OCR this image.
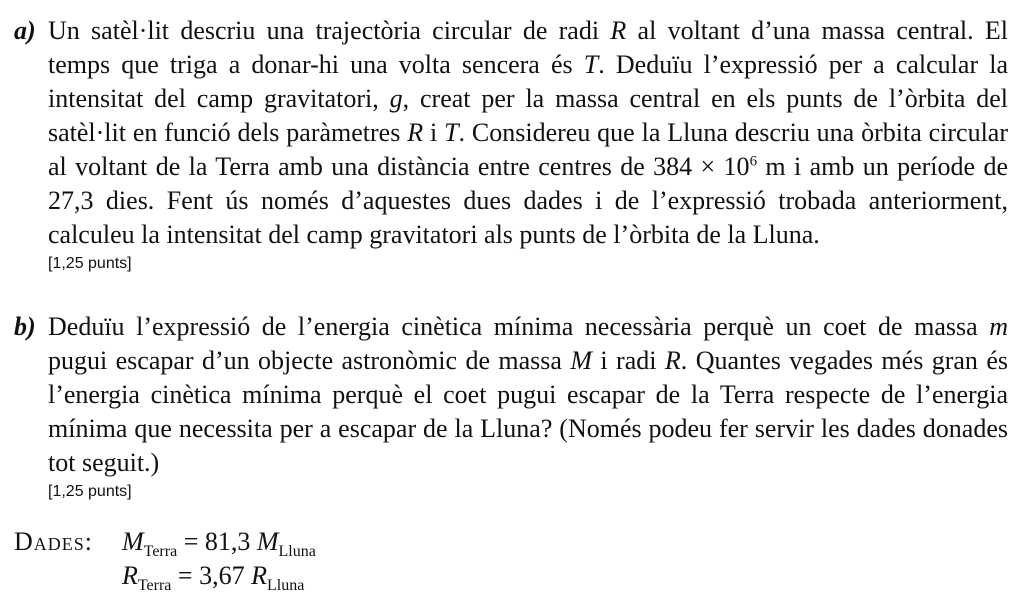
a) Un satèl·lit descriu una trajectòria circular de radi R al voltant d’una massa central. El temps que triga a donar-hi una volta sencera és T. Deduïu l’expressió per a calcular la intensitat del camp gravitatori, g, creat per la massa central en els punts de l’òrbita del satèl·lit en funció dels paràmetres R i T. Considereu que la Lluna descriu una òrbita circular al voltant de la Terra amb una distància entre centres de $384 \times 10^6$ m i amb un període de 27,3 dies. Fent ús només d’aquestes dues dades i de l’expressió trobada anteriorment, calculeu la intensitat del camp gravitatori als punts de l’òrbita de la Lluna.
[1,25 punts]
b) Deduïu l’expressió de l’energia cinètica mínima necessària perquè un coet de massa m pugui escapar d’un objecte astronòmic de massa M i radi R. Quantes vegades més gran és l’energia cinètica mínima perquè el coet pugui escapar de la Terra respecte de l’energia mínima que necessita per a escapar de la Lluna? (Només podeu fer servir les dades donades tot seguit.)
[1,25 punts]
Dades: $M_{Terra} = 81,3$ $M_{Lluna}$
$R_{Terra} = 3,67$ $R_{Lluna}$
